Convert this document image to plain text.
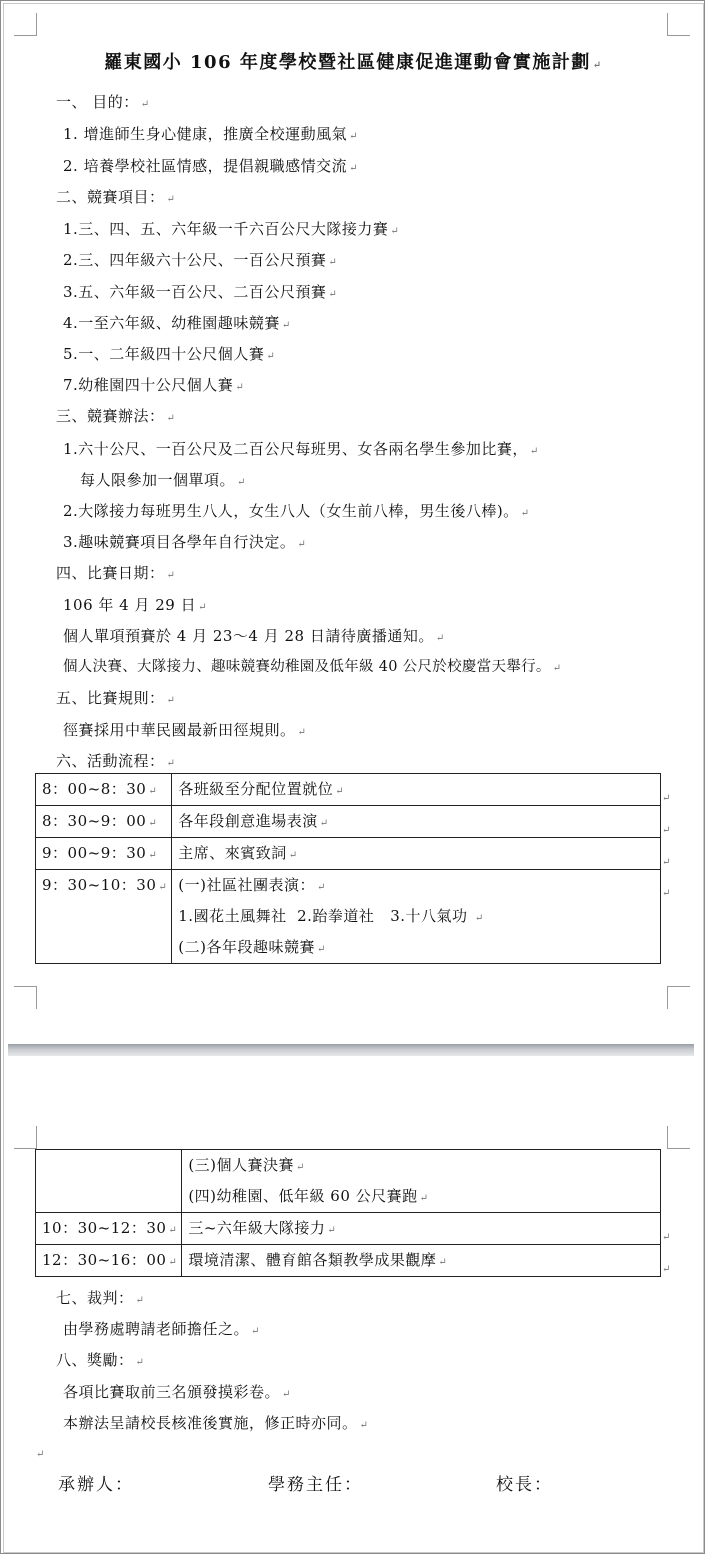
羅東國小 106 年度學校暨社區健康促進運動會實施計劃 ↵
一、 目的： ↵
1. 增進師生身心健康，推廣全校運動風氣 ↵
2. 培養學校社區情感，提倡親職感情交流 ↵
二、競賽項目： ↵
1.三、四、五、六年級一千六百公尺大隊接力賽 ↵
2.三、四年級六十公尺、一百公尺預賽 ↵
3.五、六年級一百公尺、二百公尺預賽 ↵
4.一至六年級、幼稚園趣味競賽 ↵
5.一、二年級四十公尺個人賽 ↵
7.幼稚園四十公尺個人賽 ↵
三、競賽辦法： ↵
1.六十公尺、一百公尺及二百公尺每班男、女各兩名學生參加比賽， ↵
每人限參加一個單項。 ↵
2.大隊接力每班男生八人，女生八人（女生前八棒，男生後八棒)。 ↵
3.趣味競賽項目各學年自行決定。 ↵
四、比賽日期： ↵
106 年 4 月 29 日 ↵
個人單項預賽於 4 月 23～4 月 28 日請待廣播通知。 ↵
個人決賽、大隊接力、趣味競賽幼稚園及低年級 40 公尺於校慶當天舉行。 ↵
五、比賽規則： ↵
徑賽採用中華民國最新田徑規則。 ↵
六、活動流程： ↵
8：00~8：30 ↵	各班級至分配位置就位 ↵

8：30~9：00 ↵	各年段創意進場表演 ↵

9：00~9：30 ↵	主席、來賓致詞 ↵

9：30~10：30 ↵	(一)社區社團表演： ↵
1.國花土風舞社  2.跆拳道社   3.十八氣功 ↵
(二)各年段趣味競賽 ↵
↵
↵
↵
↵

	(三)個人賽決賽 ↵
(四)幼稚園、低年級 60 公尺賽跑 ↵

10：30~12：30 ↵	三~六年級大隊接力 ↵

12：30~16：00 ↵	環境清潔、體育館各類教學成果觀摩 ↵
↵
↵
七、裁判： ↵
由學務處聘請老師擔任之。 ↵
八、獎勵： ↵
各項比賽取前三名頒發摸彩卷。 ↵
本辦法呈請校長核准後實施，修正時亦同。 ↵
↵
承辦人：	學務主任：	校長：
